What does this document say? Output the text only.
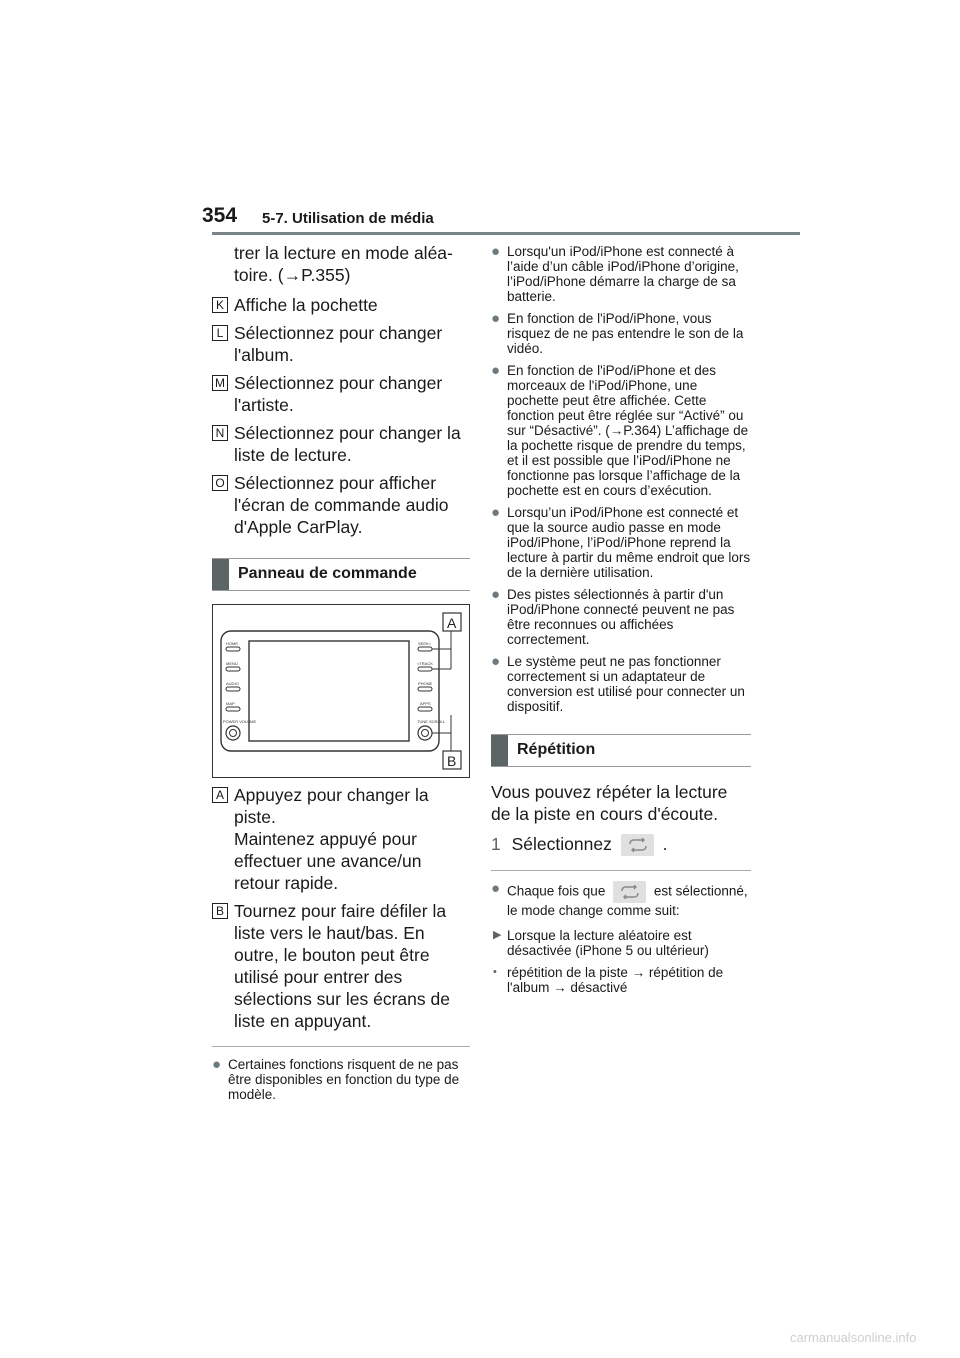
354 5-7. Utilisation de média
trer la lecture en mode aléa-
toire. (→P.355)
K Affiche la pochette
L Sélectionnez pour changer l'album.
M Sélectionnez pour changer l'artiste.
N Sélectionnez pour changer la liste de lecture.
O Sélectionnez pour afficher l'écran de commande audio d'Apple CarPlay.
Panneau de commande
HOME
MENU
AUDIO
MAP
POWER VOLUME
SEEK>
<TRACK
PHONE
APPS
TUNE SCROLL
A
B
A Appuyez pour changer la piste.
Maintenez appuyé pour effectuer une avance/un retour rapide.
B Tournez pour faire défiler la liste vers le haut/bas. En outre, le bouton peut être utilisé pour entrer des sélections sur les écrans de liste en appuyant.
● Certaines fonctions risquent de ne pas être disponibles en fonction du type de modèle.
● Lorsqu'un iPod/iPhone est connecté à l’aide d’un câble iPod/iPhone d’origine, l’iPod/iPhone démarre la charge de sa batterie.
● En fonction de l'iPod/iPhone, vous risquez de ne pas entendre le son de la vidéo.
● En fonction de l'iPod/iPhone et des morceaux de l'iPod/iPhone, une pochette peut être affichée. Cette fonction peut être réglée sur “Activé” ou sur “Désactivé”. (→P.364) L’affichage de la pochette risque de prendre du temps, et il est possible que l’iPod/iPhone ne fonctionne pas lorsque l’affichage de la pochette est en cours d’exécution.
● Lorsqu’un iPod/iPhone est connecté et que la source audio passe en mode iPod/iPhone, l’iPod/iPhone reprend la lecture à partir du même endroit que lors de la dernière utilisation.
● Des pistes sélectionnés à partir d'un iPod/iPhone connecté peuvent ne pas être reconnues ou affichées correctement.
● Le système peut ne pas fonctionner correctement si un adaptateur de conversion est utilisé pour connecter un dispositif.
Répétition
Vous pouvez répéter la lecture de la piste en cours d'écoute.
1 Sélectionnez	.
● Chaque fois que	est sélectionné, le mode change comme suit:
▶ Lorsque la lecture aléatoire est désactivée (iPhone 5 ou ultérieur)
• répétition de la piste → répétition de l'album → désactivé
carmanualsonline.info
